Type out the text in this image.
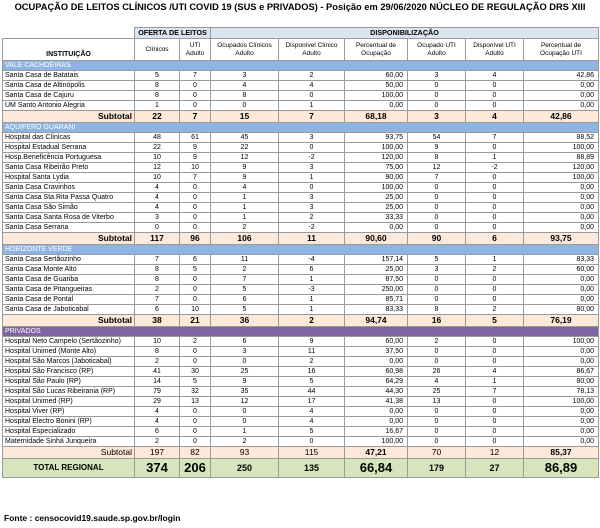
OCUPAÇÃO DE LEITOS CLÍNICOS /UTI COVID 19 (SUS e PRIVADOS) - Posição em 29/06/2020 NÚCLEO DE REGULAÇÃO DRS XIII
	OFERTA DE LEITOS		DISPONIBILIZAÇÃO					
INSTITUIÇÃO	Clínicos	UTI Adulto	Ocupados Clínicos Adulto	Disponível Clínico Adulto	Percentual de Ocupação	Ocupado UTI Adulto	Disponível UTI Adulto	Percentual de Ocupação UTI
VALE CACHOEIRAS								
Santa Casa de Batatais	5	7	3	2	60,00	3	4	42,86
Santa Casa de Altinópolis	8	0	4	4	50,00	0	0	0,00
Santa Casa de Cajuru	8	0	8	0	100,00	0	0	0,00
UM Santo Antonio Alegria	1	0	0	1	0,00	0	0	0,00
Subtotal	22	7	15	7	68,18	3	4	42,86
AQUIFERO GUARANI								
Hospital das Clínicas	48	61	45	3	93,75	54	7	88,52
Hospital Estadual Serrana	22	9	22	0	100,00	9	0	100,00
Hosp.Beneficência Portuguesa	10	9	12	-2	120,00	8	1	88,89
Santa Casa Ribeirão Preto	12	10	9	3	75,00	12	-2	120,00
Hospital Santa Lydia	10	7	9	1	90,00	7	0	100,00
Santa Casa Cravinhos	4	0	4	0	100,00	0	0	0,00
Santa Casa Sta.Rita Passa Quatro	4	0	1	3	25,00	0	0	0,00
Santa Casa São Simão	4	0	1	3	25,00	0	0	0,00
Santa Casa Santa Rosa de Viterbo	3	0	1	2	33,33	0	0	0,00
Santa Casa Serrana	0	0	2	-2	0,00	0	0	0,00
Subtotal	117	96	106	11	90,60	90	6	93,75
HORIZONTE VERDE								
Santa Casa Sertãozinho	7	6	11	-4	157,14	5	1	83,33
Santa Casa Monte Alto	8	5	2	6	25,00	3	2	60,00
Santa Casa de Guariba	8	0	7	1	87,50	0	0	0,00
Santa Casa de Pitangueiras	2	0	5	-3	250,00	0	0	0,00
Santa Casa de Pontal	7	0	6	1	85,71	0	0	0,00
Santa Casa de Jaboticabal	6	10	5	1	83,33	8	2	80,00
Subtotal	38	21	36	2	94,74	16	5	76,19
PRIVADOS								
Hospital Neto Campelo (Sertãozinho)	10	2	6	9	60,00	2	0	100,00
Hospital Unimed (Monte Alto)	8	0	3	11	37,50	0	0	0,00
Hospital São Marcos (Jaboticabal)	2	0	0	2	0,00	0	0	0,00
Hospital São Francisco (RP)	41	30	25	16	60,98	26	4	86,67
Hospital São Paulo (RP)	14	5	9	5	64,29	4	1	80,00
Hospital São Lucas Ribeirania (RP)	79	32	35	44	44,30	25	7	78,13
Hospital Unimed (RP)	29	13	12	17	41,38	13	0	100,00
Hospital Viver (RP)	4	0	0	4	0,00	0	0	0,00
Hospital Electro Bonini (RP)	4	0	0	4	0,00	0	0	0,00
Hospital Especializado	6	0	1	5	16,67	0	0	0,00
Maternidade Sinhá Junqueira	2	0	2	0	100,00	0	0	0,00
Subtotal	197	82	93	115	47,21	70	12	85,37
TOTAL REGIONAL	374	206	250	135	66,84	179	27	86,89
Fonte : censocovid19.saude.sp.gov.br/login
